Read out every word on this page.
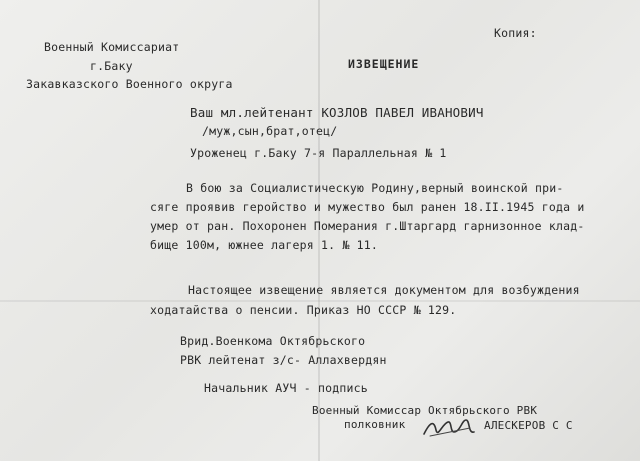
Копия:
Военный Комиссариат
г.Баку
Закавказского Военного округа
ИЗВЕЩЕНИЕ
Ваш мл.лейтенант КОЗЛОВ ПАВЕЛ ИВАНОВИЧ
/муж,сын,брат,отец/
Уроженец г.Баку 7-я Параллельная № 1
В бою за Социалистическую Родину,верный воинской при-
сяге проявив геройство и мужество был ранен 18.II.1945 года и
умер от ран. Похоронен Померания г.Штаргард гарнизонное клад-
бище 100м, южнее лагеря 1. № 11.
Настоящее извещение является документом для возбуждения
ходатайства о пенсии. Приказ НО СССР № 129.
Врид.Военкома Октябрьского
РВК лейтенат з/с- Аллахвердян
Начальник АУЧ - подпись
Военный Комиссар Октябрьского РВК
полковник	АЛЕСКЕРОВ С С
